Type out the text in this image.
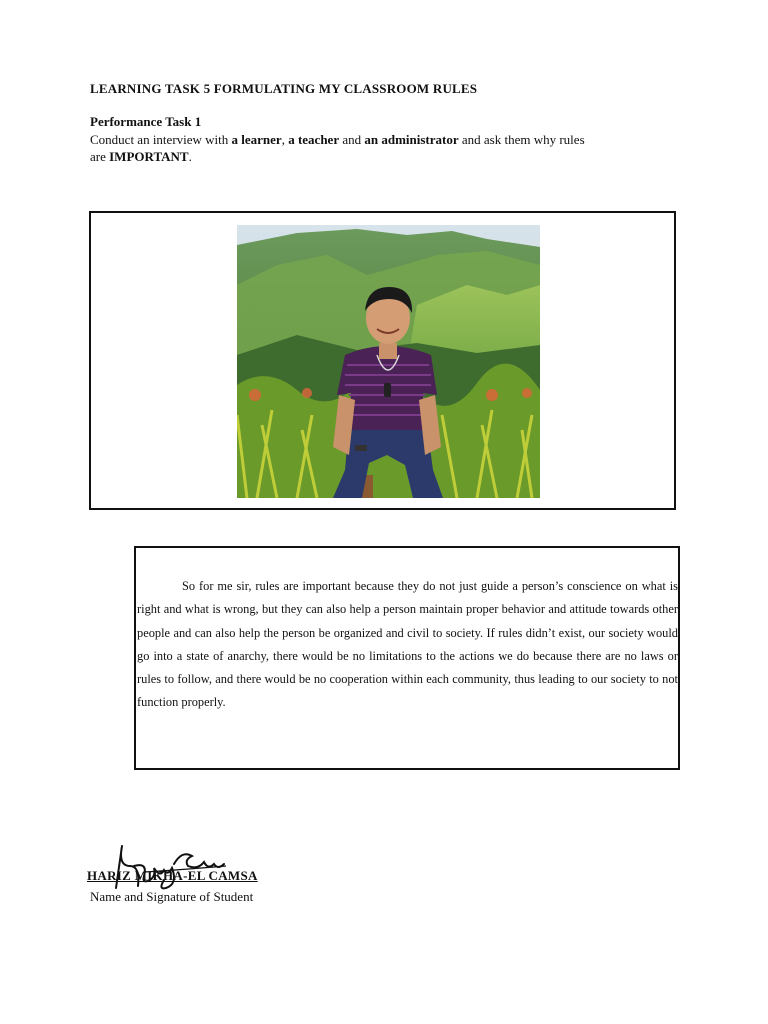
LEARNING TASK 5 FORMULATING MY CLASSROOM RULES
Performance Task 1
Conduct an interview with a learner, a teacher and an administrator and ask them why rules are IMPORTANT.

So for me sir, rules are important because they do not just guide a person’s conscience on what is right and what is wrong, but they can also help a person maintain proper behavior and attitude towards other people and can also help the person be organized and civil to society. If rules didn’t exist, our society would go into a state of anarchy, there would be no limitations to the actions we do because there are no laws or rules to follow, and there would be no cooperation within each community, thus leading to our society to not function properly.

HARIZ MIKHA-EL CAMSA
Name and Signature of Student
